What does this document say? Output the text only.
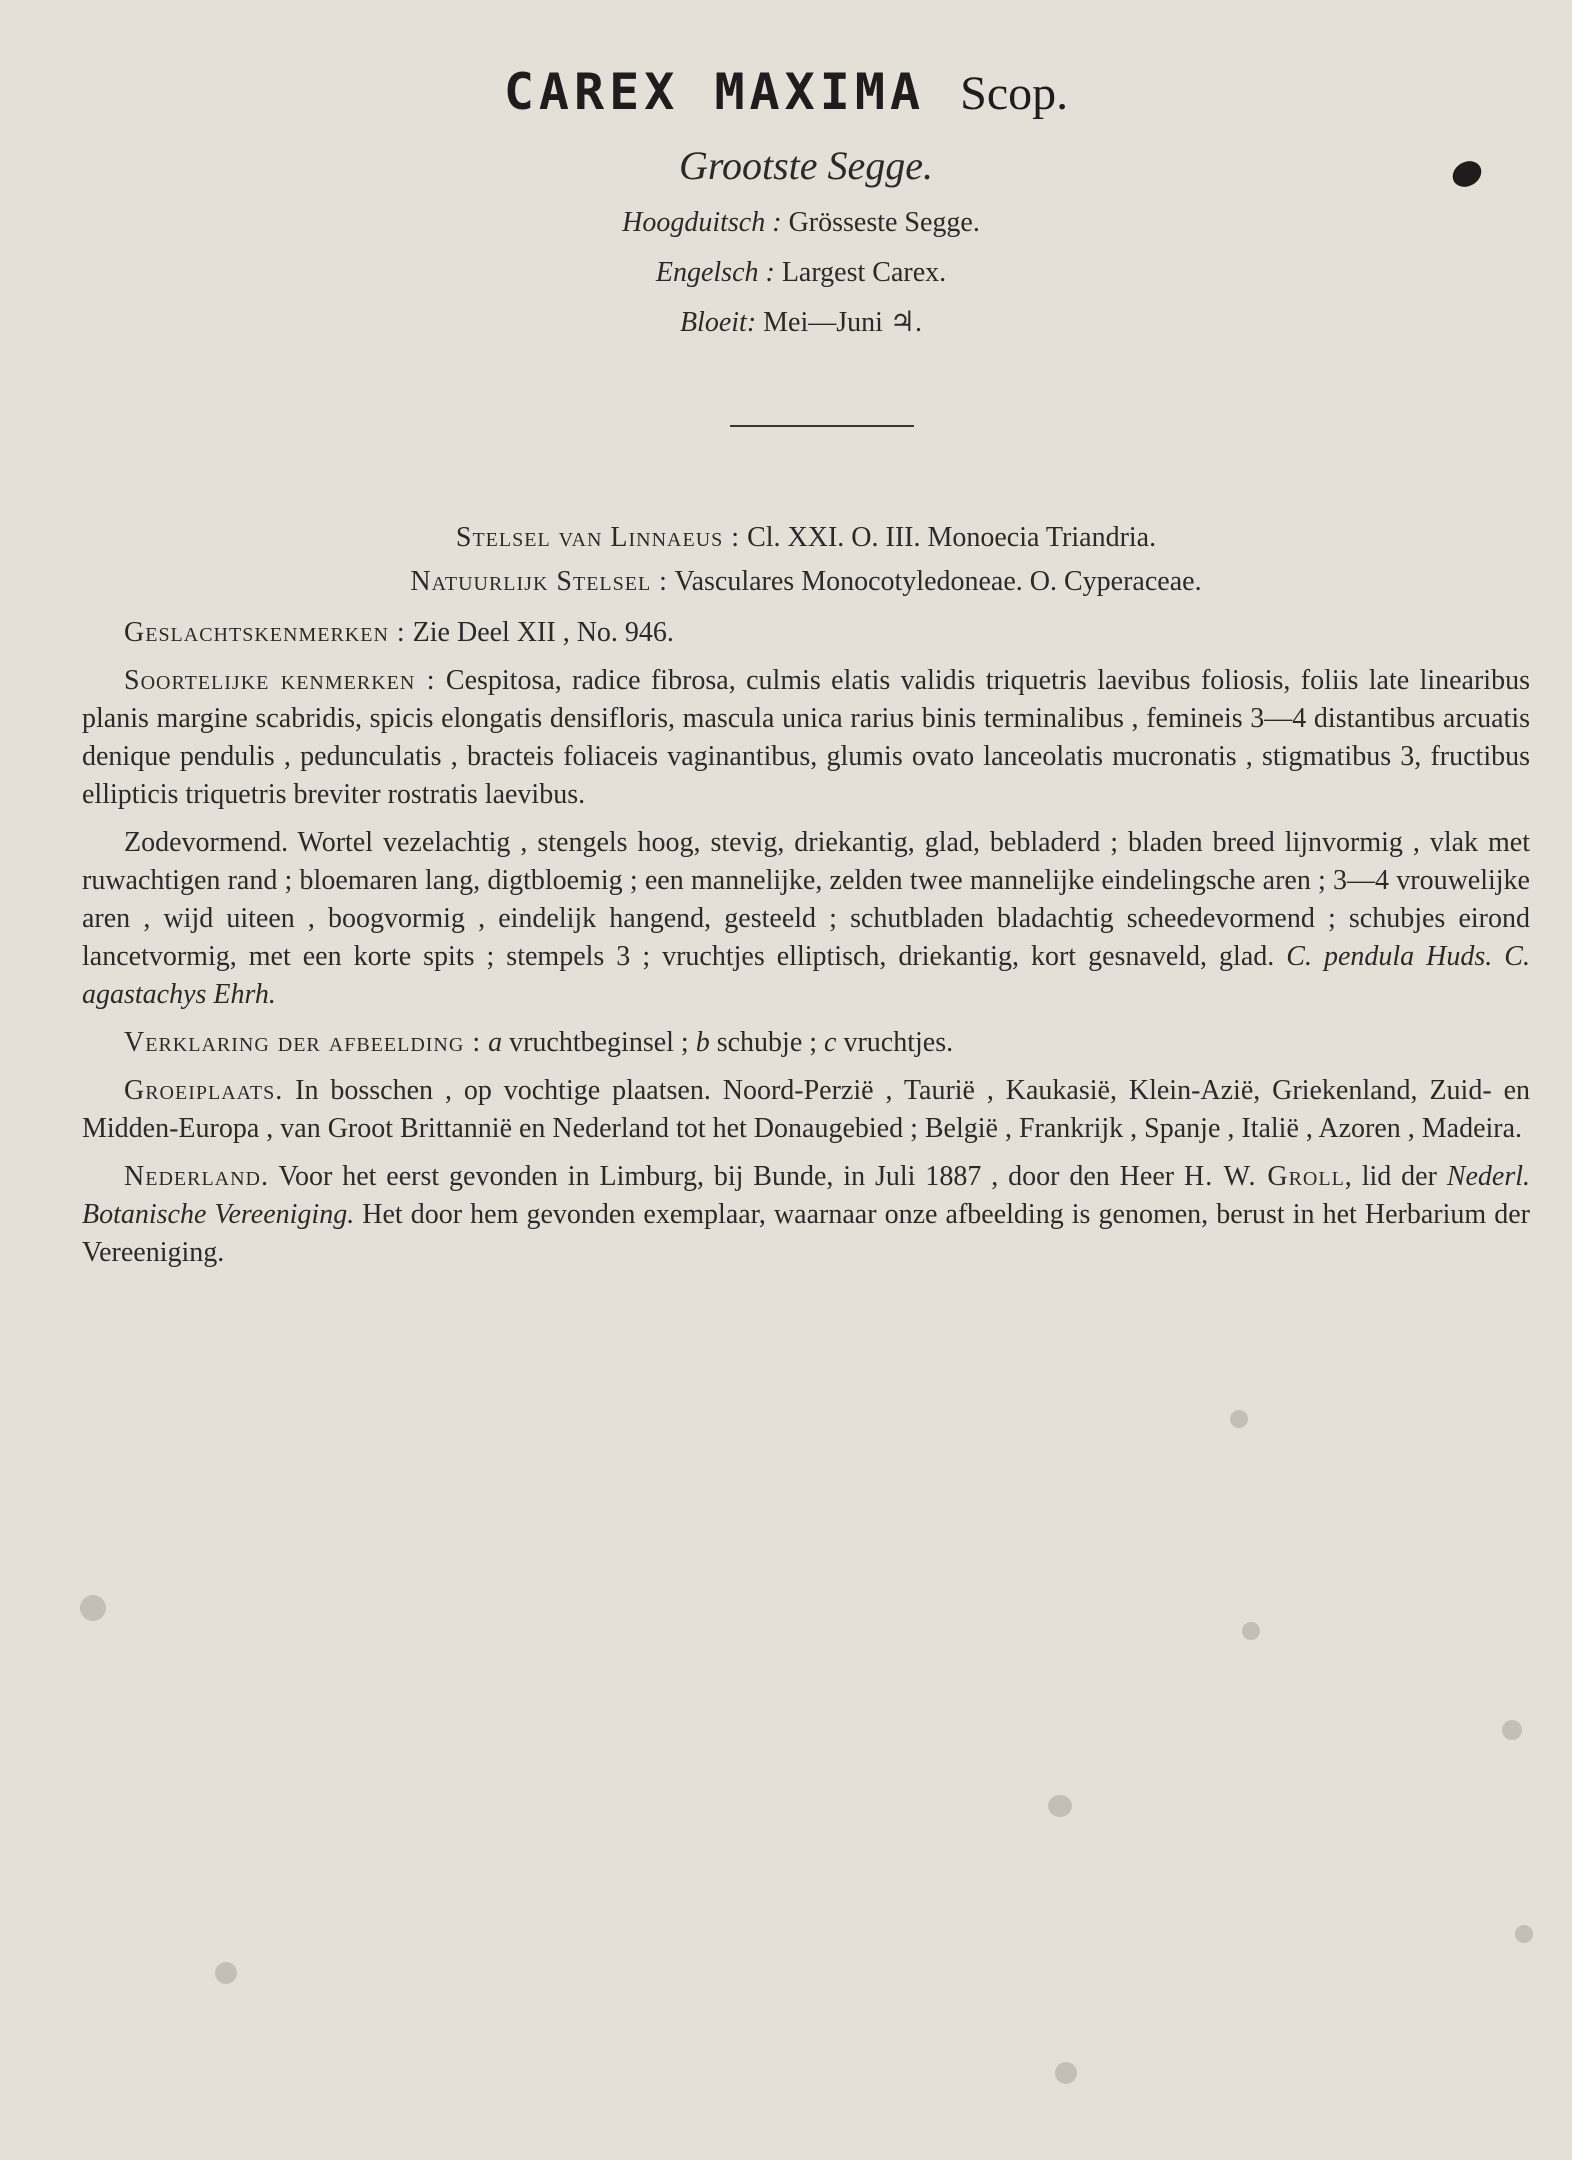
CAREX MAXIMA Scop.
Grootste Segge.
Hoogduitsch : Grösseste Segge.
Engelsch : Largest Carex.
Bloeit: Mei—Juni ♃.
Stelsel van Linnaeus : Cl. XXI. O. III. Monoecia Triandria.
Natuurlijk Stelsel : Vasculares Monocotyledoneae. O. Cyperaceae.
Geslachtskenmerken : Zie Deel XII , No. 946.

Soortelijke kenmerken : Cespitosa, radice fibrosa, culmis elatis validis triquetris laevibus foliosis, foliis late linearibus planis margine scabridis, spicis elongatis densifloris, mascula unica rarius binis terminalibus , femineis 3—4 distantibus arcuatis denique pendulis , pedunculatis , bracteis foliaceis vaginantibus, glumis ovato lanceolatis mucronatis , stigmatibus 3, fructibus ellipticis triquetris breviter rostratis laevibus.

Zodevormend. Wortel vezelachtig , stengels hoog, stevig, driekantig, glad, bebladerd ; bladen breed lijnvormig , vlak met ruwachtigen rand ; bloemaren lang, digtbloemig ; een mannelijke, zelden twee mannelijke eindelingsche aren ; 3—4 vrouwelijke aren , wijd uiteen , boogvormig , eindelijk hangend, gesteeld ; schutbladen bladachtig scheedevormend ; schubjes eirond lancetvormig, met een korte spits ; stempels 3 ; vruchtjes elliptisch, driekantig, kort gesnaveld, glad. C. pendula Huds. C. agastachys Ehrh.

Verklaring der afbeelding : a vruchtbeginsel ; b schubje ; c vruchtjes.

Groeiplaats. In bosschen , op vochtige plaatsen. Noord-Perzië , Taurië , Kaukasië, Klein-Azië, Griekenland, Zuid- en Midden-Europa , van Groot Brittannië en Nederland tot het Donaugebied ; België , Frankrijk , Spanje , Italië , Azoren , Madeira.

Nederland. Voor het eerst gevonden in Limburg, bij Bunde, in Juli 1887 , door den Heer H. W. Groll, lid der Nederl. Botanische Vereeniging. Het door hem gevonden exemplaar, waarnaar onze afbeelding is genomen, berust in het Herbarium der Vereeniging.
